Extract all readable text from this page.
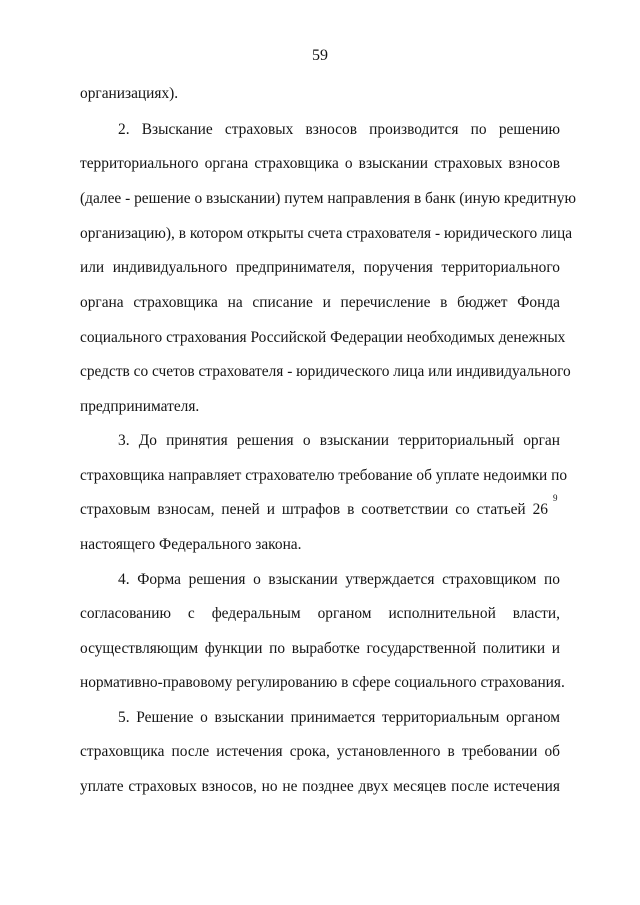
59
организациях).
2. Взыскание страховых взносов производится по решению
территориального органа страховщика о взыскании страховых взносов
(далее - решение о взыскании) путем направления в банк (иную кредитную
организацию), в котором открыты счета страхователя - юридического лица
или индивидуального предпринимателя, поручения территориального
органа страховщика на списание и перечисление в бюджет Фонда
социального страхования Российской Федерации необходимых денежных
средств со счетов страхователя - юридического лица или индивидуального
предпринимателя.
3. До принятия решения о взыскании территориальный орган
страховщика направляет страхователю требование об уплате недоимки по
страховым взносам, пеней и штрафов в соответствии со статьей 26
9
настоящего Федерального закона.
4. Форма решения о взыскании утверждается страховщиком по
согласованию с федеральным органом исполнительной власти,
осуществляющим функции по выработке государственной политики и
нормативно-правовому регулированию в сфере социального страхования.
5. Решение о взыскании принимается территориальным органом
страховщика после истечения срока, установленного в требовании об
уплате страховых взносов, но не позднее двух месяцев после истечения
